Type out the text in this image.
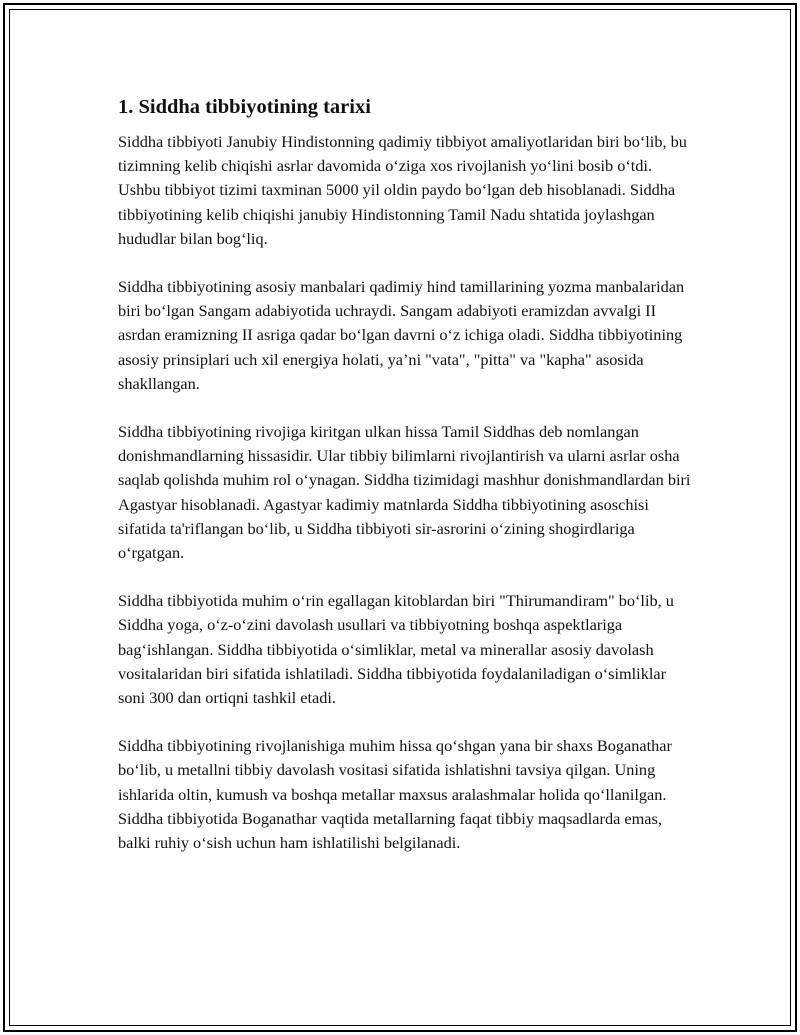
1. Siddha tibbiyotining tarixi

Siddha tibbiyoti Janubiy Hindistonning qadimiy tibbiyot amaliyotlaridan biri bo‘lib, bu tizimning kelib chiqishi asrlar davomida o‘ziga xos rivojlanish yo‘lini bosib o‘tdi. Ushbu tibbiyot tizimi taxminan 5000 yil oldin paydo bo‘lgan deb hisoblanadi. Siddha tibbiyotining kelib chiqishi janubiy Hindistonning Tamil Nadu shtatida joylashgan hududlar bilan bog‘liq.

Siddha tibbiyotining asosiy manbalari qadimiy hind tamillarining yozma manbalaridan biri bo‘lgan Sangam adabiyotida uchraydi. Sangam adabiyoti eramizdan avvalgi II asrdan eramizning II asriga qadar bo‘lgan davrni o‘z ichiga oladi. Siddha tibbiyotining asosiy prinsiplari uch xil energiya holati, ya’ni "vata", "pitta" va "kapha" asosida shakllangan.

Siddha tibbiyotining rivojiga kiritgan ulkan hissa Tamil Siddhas deb nomlangan donishmandlarning hissasidir. Ular tibbiy bilimlarni rivojlantirish va ularni asrlar osha saqlab qolishda muhim rol o‘ynagan. Siddha tizimidagi mashhur donishmandlardan biri Agastyar hisoblanadi. Agastyar kadimiy matnlarda Siddha tibbiyotining asoschisi sifatida ta'riflangan bo‘lib, u Siddha tibbiyoti sir-asrorini o‘zining shogirdlariga o‘rgatgan.

Siddha tibbiyotida muhim o‘rin egallagan kitoblardan biri "Thirumandiram" bo‘lib, u Siddha yoga, o‘z-o‘zini davolash usullari va tibbiyotning boshqa aspektlariga bag‘ishlangan. Siddha tibbiyotida o‘simliklar, metal va minerallar asosiy davolash vositalaridan biri sifatida ishlatiladi. Siddha tibbiyotida foydalaniladigan o‘simliklar soni 300 dan ortiqni tashkil etadi.

Siddha tibbiyotining rivojlanishiga muhim hissa qo‘shgan yana bir shaxs Boganathar bo‘lib, u metallni tibbiy davolash vositasi sifatida ishlatishni tavsiya qilgan. Uning ishlarida oltin, kumush va boshqa metallar maxsus aralashmalar holida qo‘llanilgan. Siddha tibbiyotida Boganathar vaqtida metallarning faqat tibbiy maqsadlarda emas, balki ruhiy o‘sish uchun ham ishlatilishi belgilanadi.
